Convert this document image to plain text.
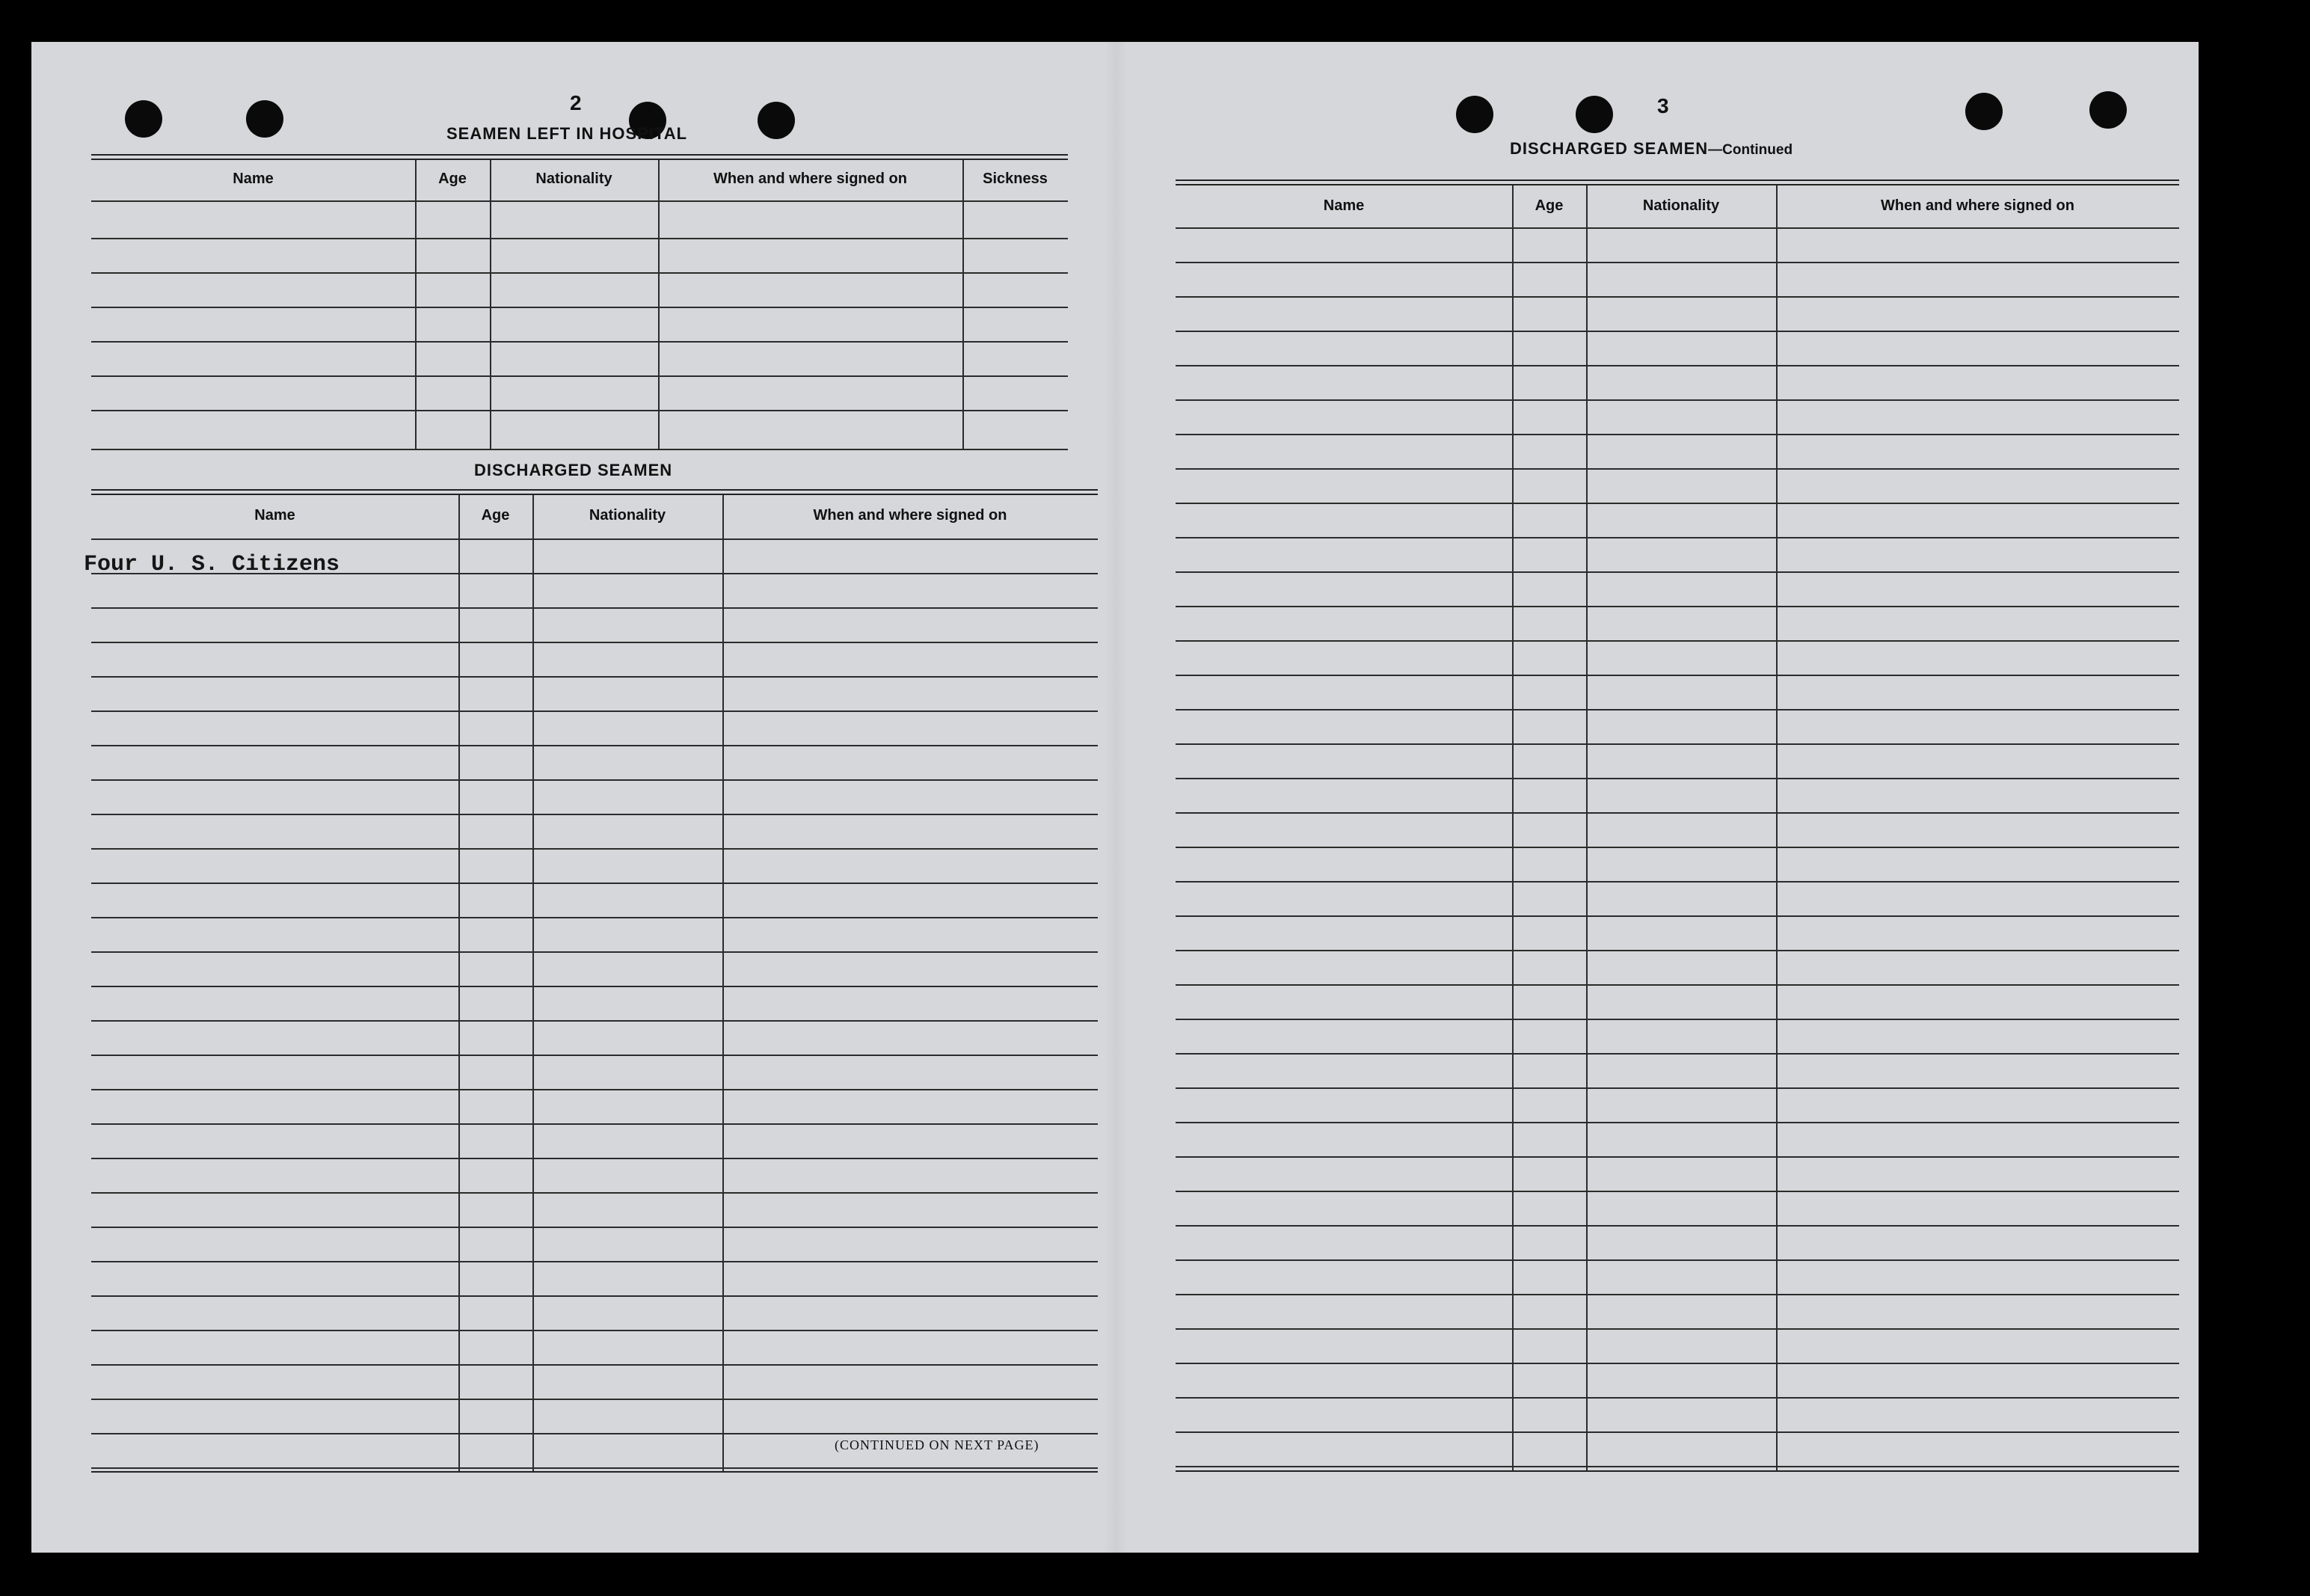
2
SEAMEN LEFT IN HOSPITAL
Name	Age	Nationality	When and where signed on	Sickness
DISCHARGED SEAMEN
Name	Age	Nationality	When and where signed on
Four U. S. Citizens
(CONTINUED ON NEXT PAGE)
3
DISCHARGED SEAMEN—Continued
Name	Age	Nationality	When and where signed on
